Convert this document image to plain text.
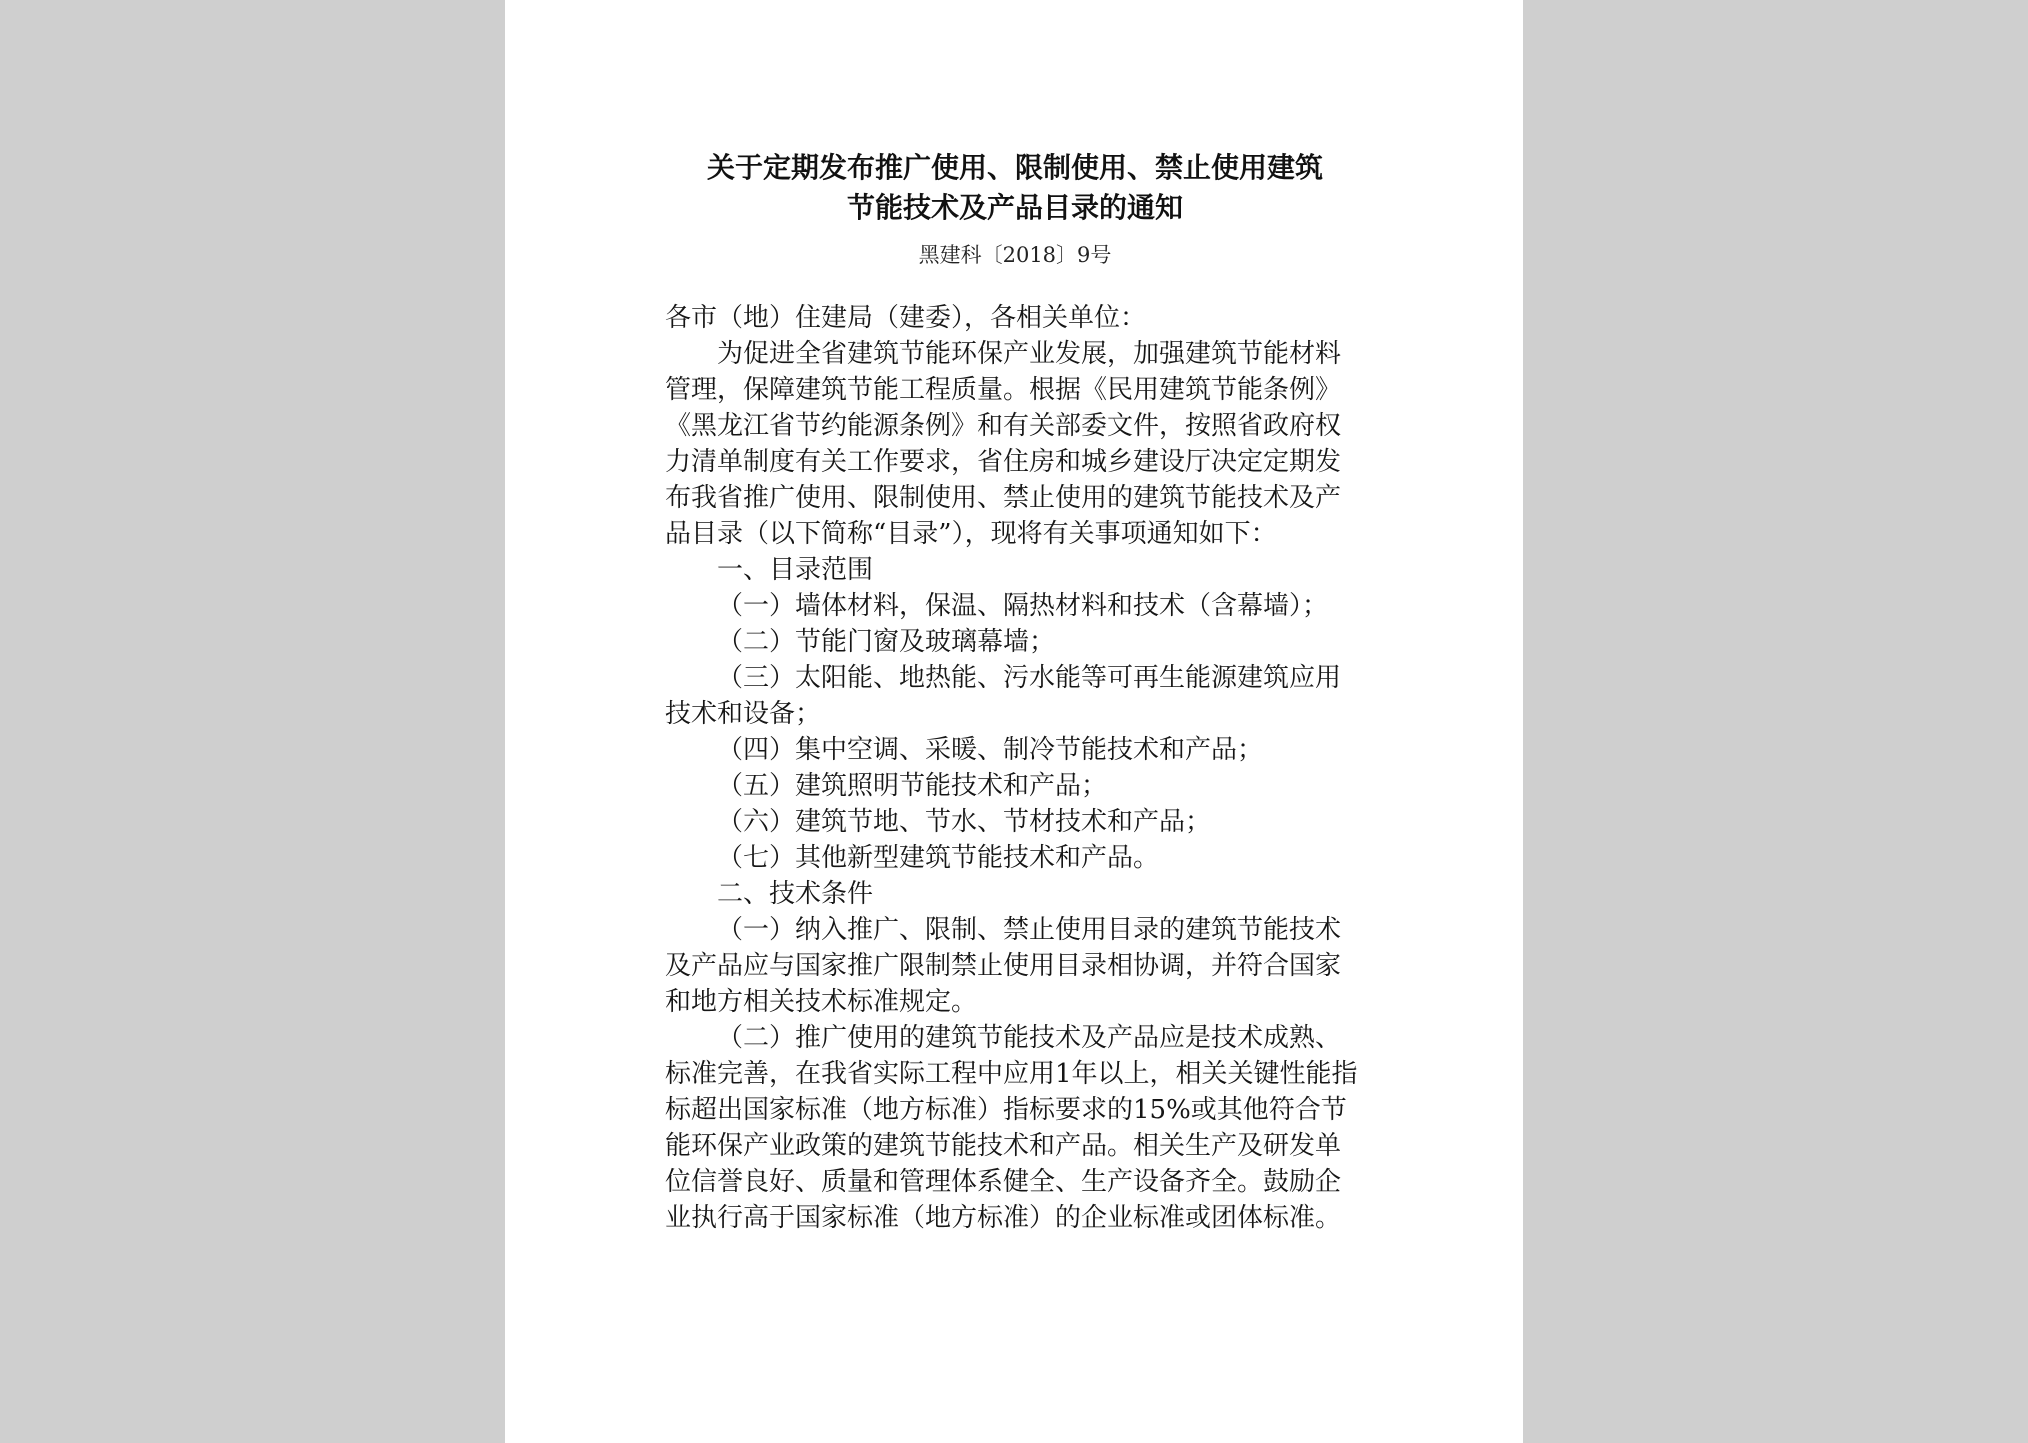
关于定期发布推广使用、限制使用、禁止使用建筑
节能技术及产品目录的通知
黑建科〔2018〕9号

各市（地）住建局（建委），各相关单位：

为促进全省建筑节能环保产业发展，加强建筑节能材料管理，保障建筑节能工程质量。根据《民用建筑节能条例》《黑龙江省节约能源条例》和有关部委文件，按照省政府权力清单制度有关工作要求，省住房和城乡建设厅决定定期发布我省推广使用、限制使用、禁止使用的建筑节能技术及产品目录（以下简称“目录”），现将有关事项通知如下：

一、目录范围

（一）墙体材料，保温、隔热材料和技术（含幕墙）；

（二）节能门窗及玻璃幕墙；

（三）太阳能、地热能、污水能等可再生能源建筑应用技术和设备；

（四）集中空调、采暖、制冷节能技术和产品；

（五）建筑照明节能技术和产品；

（六）建筑节地、节水、节材技术和产品；

（七）其他新型建筑节能技术和产品。

二、技术条件

（一）纳入推广、限制、禁止使用目录的建筑节能技术及产品应与国家推广限制禁止使用目录相协调，并符合国家和地方相关技术标准规定。

（二）推广使用的建筑节能技术及产品应是技术成熟、标准完善，在我省实际工程中应用1年以上，相关关键性能指标超出国家标准（地方标准）指标要求的15%或其他符合节能环保产业政策的建筑节能技术和产品。相关生产及研发单位信誉良好、质量和管理体系健全、生产设备齐全。鼓励企业执行高于国家标准（地方标准）的企业标准或团体标准。
